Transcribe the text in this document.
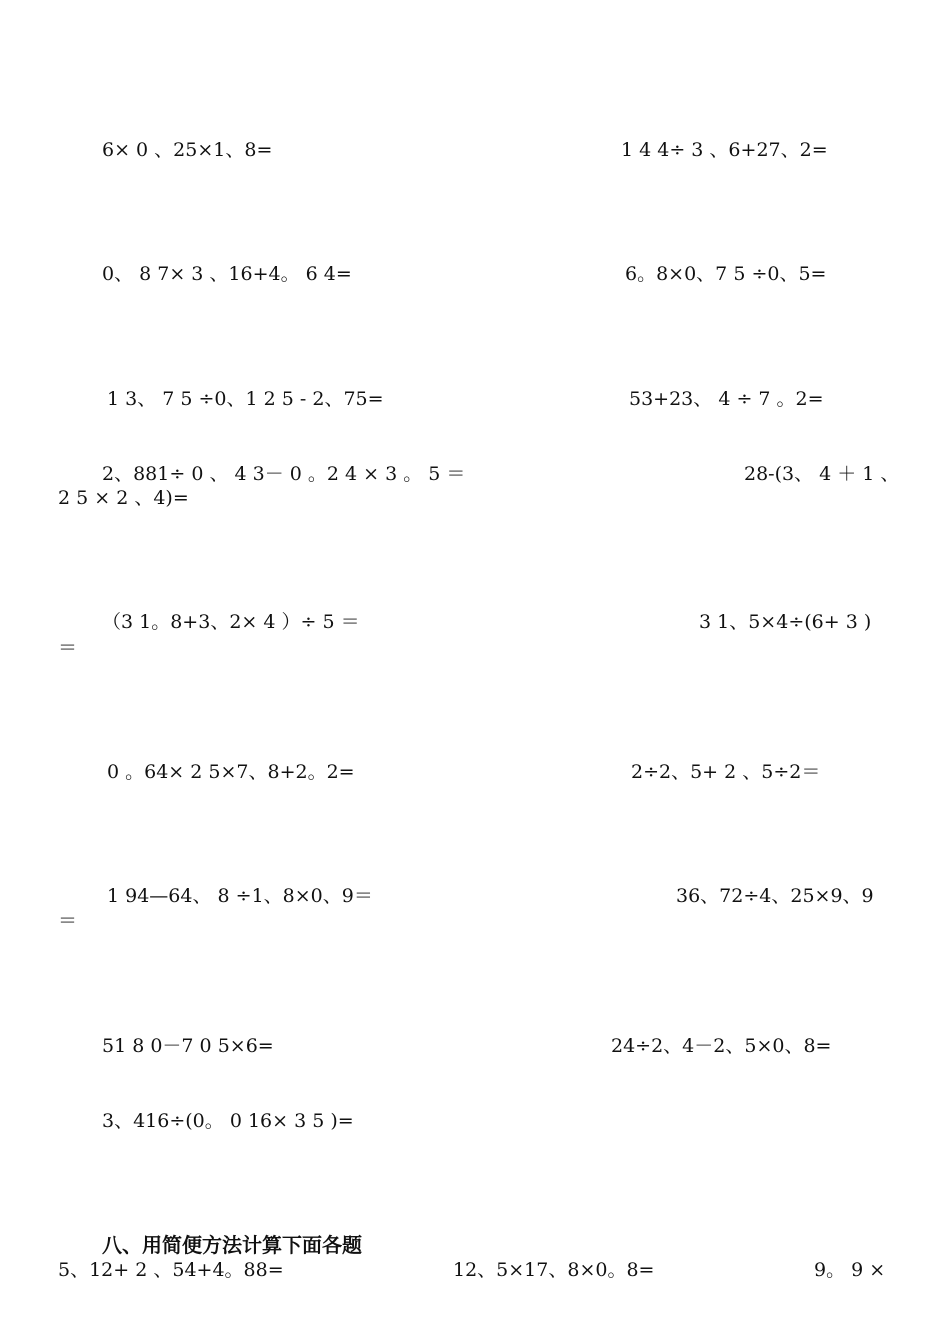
6× 0 、25×1、8=	1 4 4÷ 3 、6+27、2=
0、 8 7× 3 、16+4。 6 4=	6。8×0、7 5 ÷0、5=
1 3、 7 5 ÷0、1 2 5 - 2、75=	53+23、 4 ÷ 7 。2=
2、881÷ 0 、 4 3－ 0 。2 4 × 3 。 5 ＝	28-(3、 4 ＋ 1 、
2 5 × 2 、4)=
（3 1。8+3、2× 4 ）÷ 5 ＝	3 1、5×4÷(6+ 3 )
＝
0 。64× 2 5×7、8+2。2=	2÷2、5+ 2 、5÷2＝
1 94—64、 8 ÷1、8×0、9＝	36、72÷4、25×9、9
＝
51 8 0－7 0 5×6=	24÷2、4－2、5×0、8=
3、416÷(0。 0 16× 3 5 )=
八、用简便方法计算下面各题
5、12+ 2 、54+4。88=	12、5×17、8×0。8=	9。 9 ×
